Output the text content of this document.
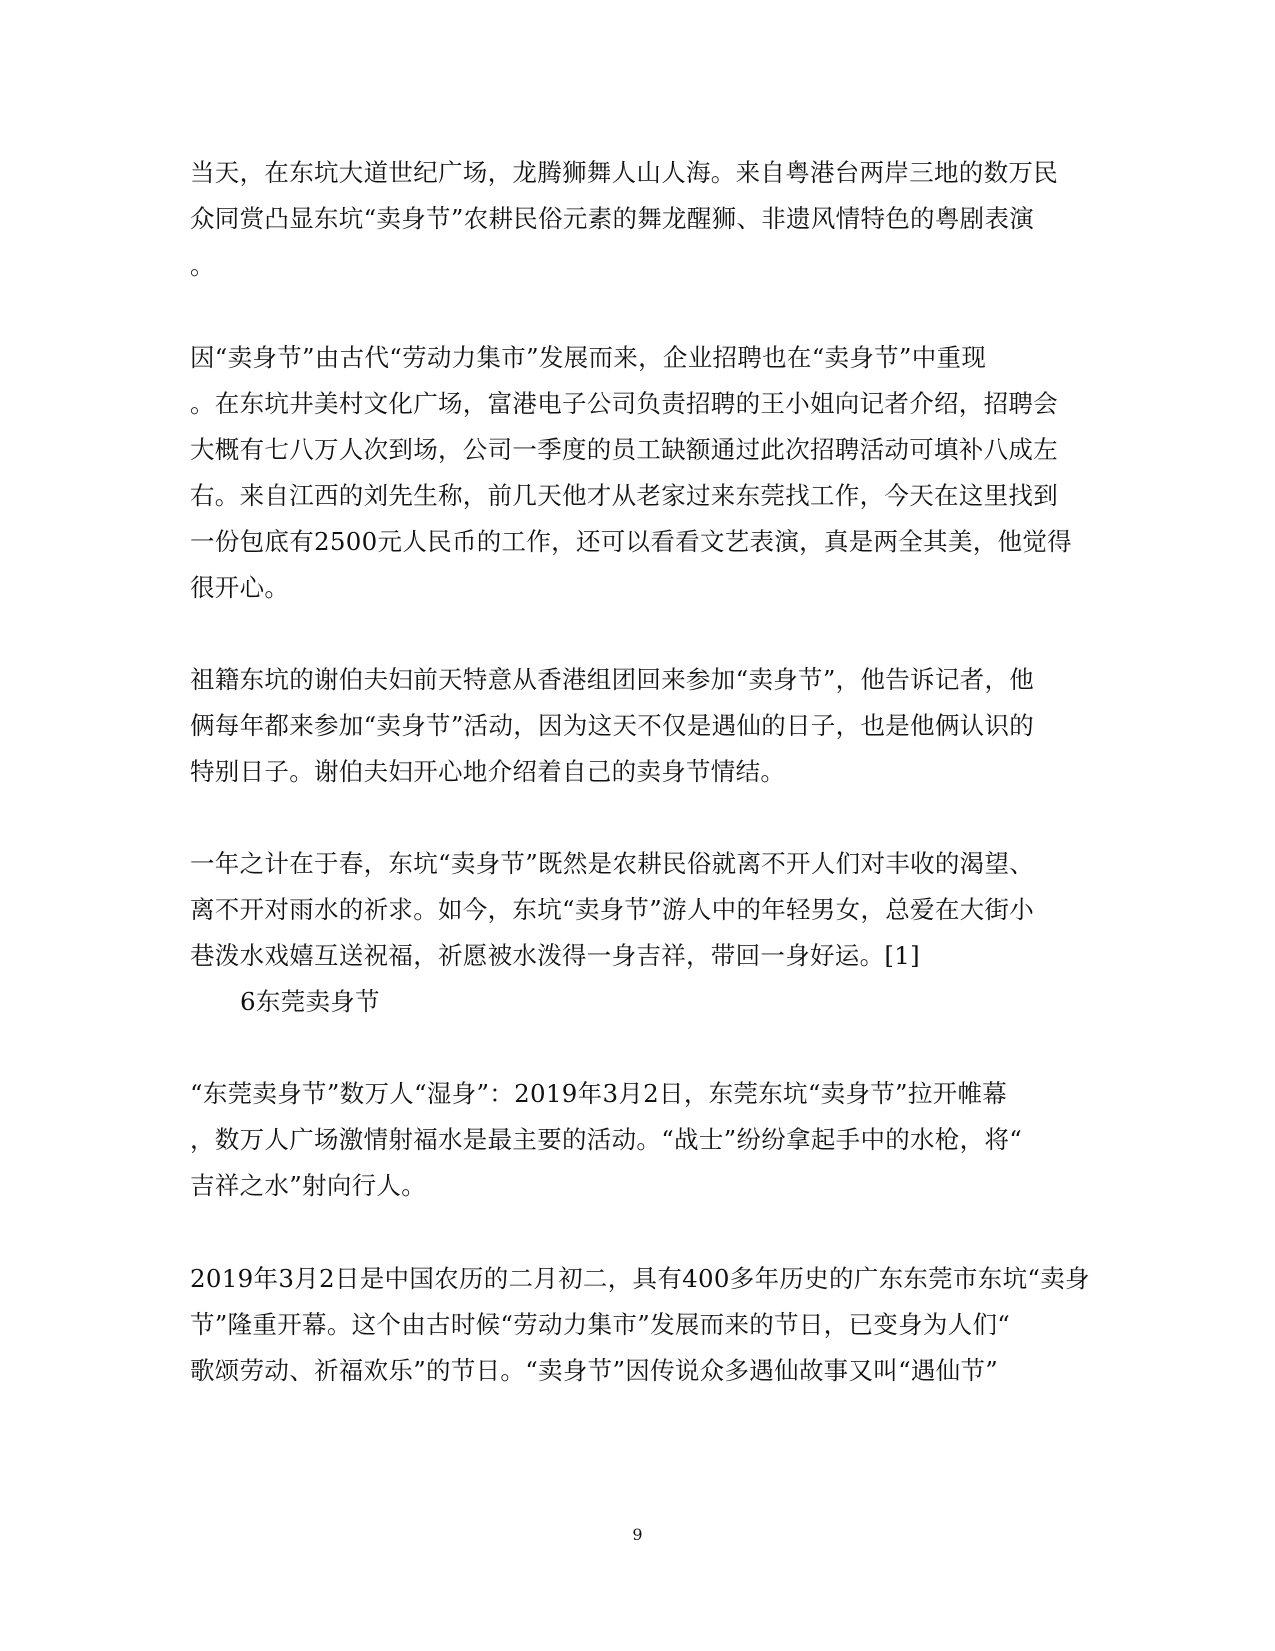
当天，在东坑大道世纪广场，龙腾狮舞人山人海。来自粤港台两岸三地的数万民
众同赏凸显东坑“卖身节”农耕民俗元素的舞龙醒狮、非遗风情特色的粤剧表演
。
因“卖身节”由古代“劳动力集市”发展而来，企业招聘也在“卖身节”中重现
。在东坑井美村文化广场，富港电子公司负责招聘的王小姐向记者介绍，招聘会
大概有七八万人次到场，公司一季度的员工缺额通过此次招聘活动可填补八成左
右。来自江西的刘先生称，前几天他才从老家过来东莞找工作，今天在这里找到
一份包底有2500元人民币的工作，还可以看看文艺表演，真是两全其美，他觉得
很开心。
祖籍东坑的谢伯夫妇前天特意从香港组团回来参加“卖身节”，他告诉记者，他
俩每年都来参加“卖身节”活动，因为这天不仅是遇仙的日子，也是他俩认识的
特别日子。谢伯夫妇开心地介绍着自己的卖身节情结。
一年之计在于春，东坑“卖身节”既然是农耕民俗就离不开人们对丰收的渴望、
离不开对雨水的祈求。如今，东坑“卖身节”游人中的年轻男女，总爱在大街小
巷泼水戏嬉互送祝福，祈愿被水泼得一身吉祥，带回一身好运。[1]
6东莞卖身节
“东莞卖身节”数万人“湿身”：2019年3月2日，东莞东坑“卖身节”拉开帷幕
，数万人广场激情射福水是最主要的活动。“战士”纷纷拿起手中的水枪，将“
吉祥之水”射向行人。
2019年3月2日是中国农历的二月初二，具有400多年历史的广东东莞市东坑“卖身
节”隆重开幕。这个由古时候“劳动力集市”发展而来的节日，已变身为人们“
歌颂劳动、祈福欢乐”的节日。“卖身节”因传说众多遇仙故事又叫“遇仙节”
9
